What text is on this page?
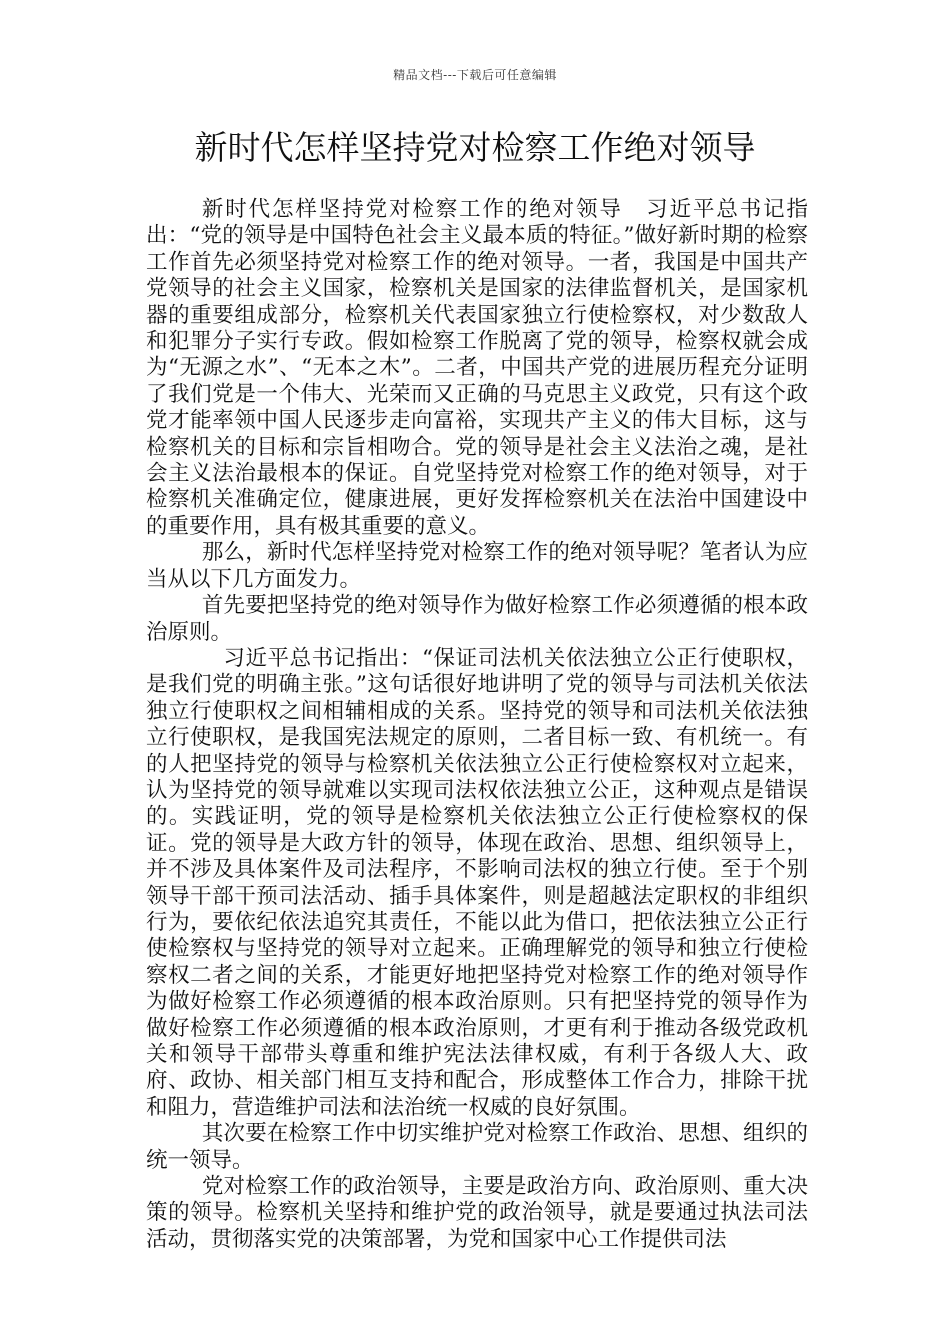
精品文档---下载后可任意编辑
新时代怎样坚持党对检察工作绝对领导

新时代怎样坚持党对检察工作的绝对领导　习近平总书记指出：“党的领导是中国特色社会主义最本质的特征。”做好新时期的检察工作首先必须坚持党对检察工作的绝对领导。一者，我国是中国共产党领导的社会主义国家，检察机关是国家的法律监督机关，是国家机器的重要组成部分，检察机关代表国家独立行使检察权，对少数敌人和犯罪分子实行专政。假如检察工作脱离了党的领导，检察权就会成为“无源之水”、“无本之木”。二者，中国共产党的进展历程充分证明了我们党是一个伟大、光荣而又正确的马克思主义政党，只有这个政党才能率领中国人民逐步走向富裕，实现共产主义的伟大目标，这与检察机关的目标和宗旨相吻合。党的领导是社会主义法治之魂，是社会主义法治最根本的保证。自党坚持党对检察工作的绝对领导，对于检察机关准确定位，健康进展，更好发挥检察机关在法治中国建设中的重要作用，具有极其重要的意义。

那么，新时代怎样坚持党对检察工作的绝对领导呢？笔者认为应当从以下几方面发力。

首先要把坚持党的绝对领导作为做好检察工作必须遵循的根本政治原则。

习近平总书记指出：“保证司法机关依法独立公正行使职权，是我们党的明确主张。”这句话很好地讲明了党的领导与司法机关依法独立行使职权之间相辅相成的关系。坚持党的领导和司法机关依法独立行使职权，是我国宪法规定的原则，二者目标一致、有机统一。有的人把坚持党的领导与检察机关依法独立公正行使检察权对立起来，认为坚持党的领导就难以实现司法权依法独立公正，这种观点是错误的。实践证明，党的领导是检察机关依法独立公正行使检察权的保证。党的领导是大政方针的领导，体现在政治、思想、组织领导上，并不涉及具体案件及司法程序，不影响司法权的独立行使。至于个别领导干部干预司法活动、插手具体案件，则是超越法定职权的非组织行为，要依纪依法追究其责任，不能以此为借口，把依法独立公正行使检察权与坚持党的领导对立起来。正确理解党的领导和独立行使检察权二者之间的关系，才能更好地把坚持党对检察工作的绝对领导作为做好检察工作必须遵循的根本政治原则。只有把坚持党的领导作为做好检察工作必须遵循的根本政治原则，才更有利于推动各级党政机关和领导干部带头尊重和维护宪法法律权威，有利于各级人大、政府、政协、相关部门相互支持和配合，形成整体工作合力，排除干扰和阻力，营造维护司法和法治统一权威的良好氛围。

其次要在检察工作中切实维护党对检察工作政治、思想、组织的统一领导。

党对检察工作的政治领导，主要是政治方向、政治原则、重大决策的领导。检察机关坚持和维护党的政治领导，就是要通过执法司法活动，贯彻落实党的决策部署，为党和国家中心工作提供司法
